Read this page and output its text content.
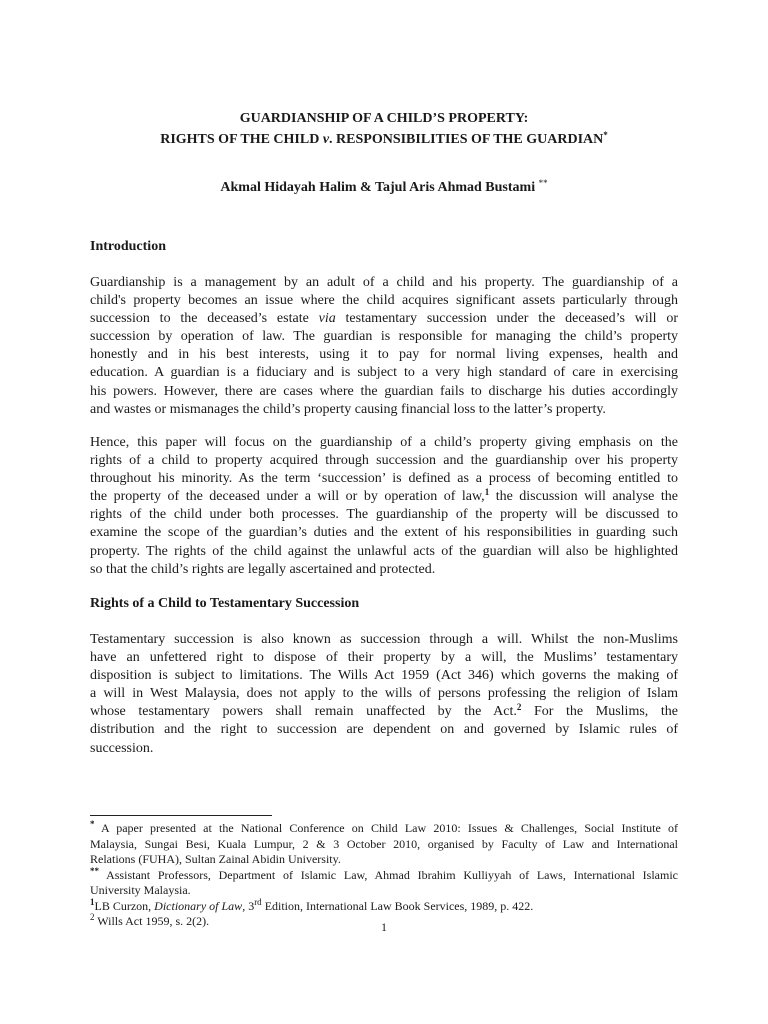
GUARDIANSHIP OF A CHILD’S PROPERTY:
RIGHTS OF THE CHILD v. RESPONSIBILITIES OF THE GUARDIAN*
Akmal Hidayah Halim & Tajul Aris Ahmad Bustami **
Introduction
Guardianship is a management by an adult of a child and his property. The guardianship of a
child's property becomes an issue where the child acquires significant assets particularly through
succession to the deceased’s estate via testamentary succession under the deceased’s will or
succession by operation of law. The guardian is responsible for managing the child’s property
honestly and in his best interests, using it to pay for normal living expenses, health and
education. A guardian is a fiduciary and is subject to a very high standard of care in exercising
his powers. However, there are cases where the guardian fails to discharge his duties accordingly
and wastes or mismanages the child’s property causing financial loss to the latter’s property.
Hence, this paper will focus on the guardianship of a child’s property giving emphasis on the
rights of a child to property acquired through succession and the guardianship over his property
throughout his minority. As the term ‘succession’ is defined as a process of becoming entitled to
the property of the deceased under a will or by operation of law,$^1$ the discussion will analyse the
rights of the child under both processes. The guardianship of the property will be discussed to
examine the scope of the guardian’s duties and the extent of his responsibilities in guarding such
property. The rights of the child against the unlawful acts of the guardian will also be highlighted
so that the child’s rights are legally ascertained and protected.
Rights of a Child to Testamentary Succession
Testamentary succession is also known as succession through a will. Whilst the non-Muslims
have an unfettered right to dispose of their property by a will, the Muslims’ testamentary
disposition is subject to limitations. The Wills Act 1959 (Act 346) which governs the making of
a will in West Malaysia, does not apply to the wills of persons professing the religion of Islam
whose testamentary powers shall remain unaffected by the Act.$^2$ For the Muslims, the
distribution and the right to succession are dependent on and governed by Islamic rules of
succession.
* A paper presented at the National Conference on Child Law 2010: Issues & Challenges, Social Institute of
Malaysia, Sungai Besi, Kuala Lumpur, 2 & 3 October 2010, organised by Faculty of Law and International
Relations (FUHA), Sultan Zainal Abidin University.
** Assistant Professors, Department of Islamic Law, Ahmad Ibrahim Kulliyyah of Laws, International Islamic
University Malaysia.
$^1$LB Curzon, Dictionary of Law, 3rd Edition, International Law Book Services, 1989, p. 422.
$^2$ Wills Act 1959, s. 2(2).	1
